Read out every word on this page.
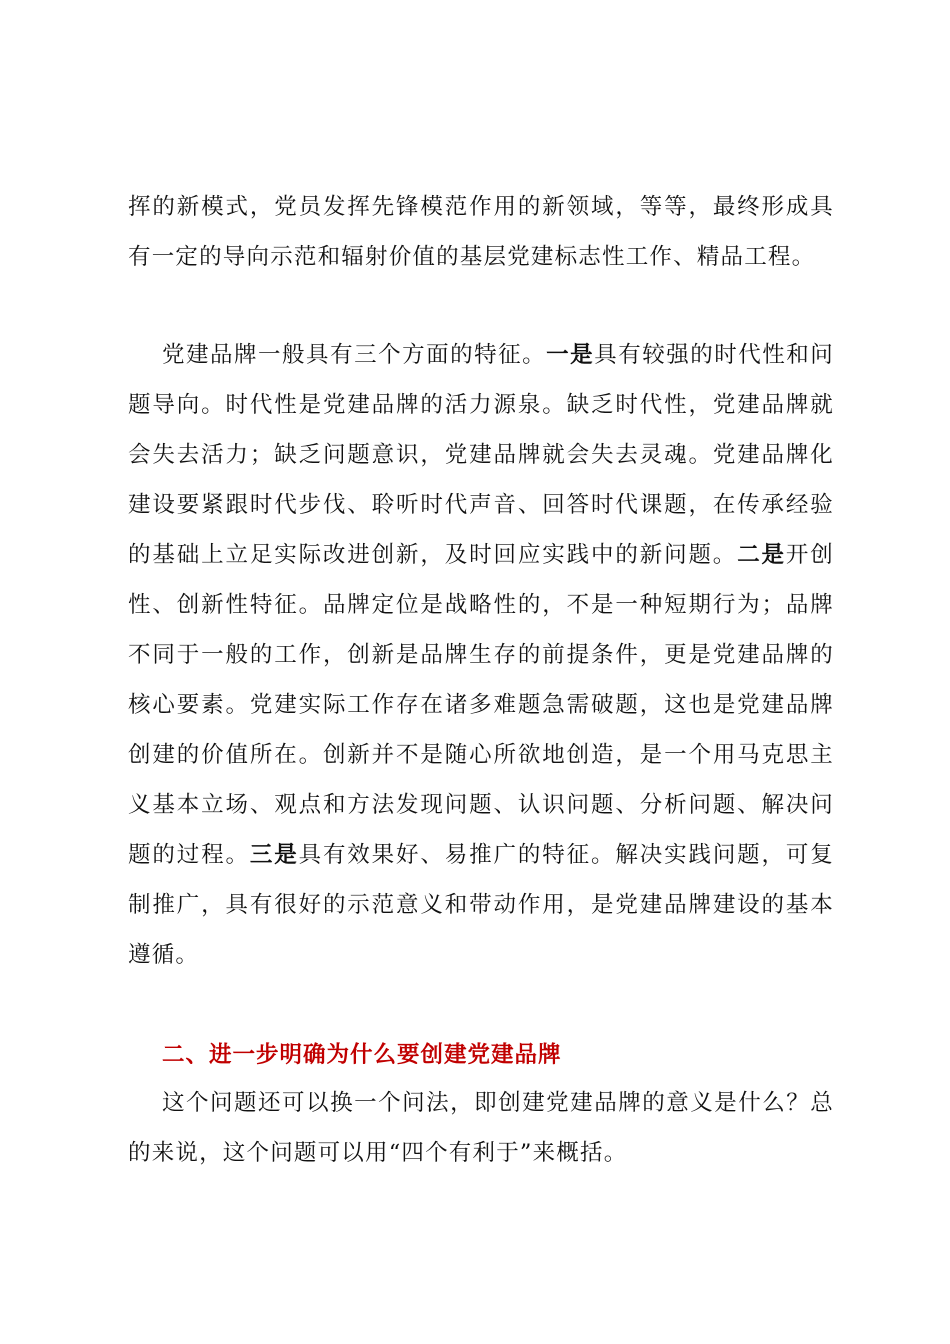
挥的新模式，党员发挥先锋模范作用的新领域，等等，最终形成具有一定的导向示范和辐射价值的基层党建标志性工作、精品工程。

党建品牌一般具有三个方面的特征。一是具有较强的时代性和问题导向。时代性是党建品牌的活力源泉。缺乏时代性，党建品牌就会失去活力；缺乏问题意识，党建品牌就会失去灵魂。党建品牌化建设要紧跟时代步伐、聆听时代声音、回答时代课题，在传承经验的基础上立足实际改进创新，及时回应实践中的新问题。二是开创性、创新性特征。品牌定位是战略性的，不是一种短期行为；品牌不同于一般的工作，创新是品牌生存的前提条件，更是党建品牌的核心要素。党建实际工作存在诸多难题急需破题，这也是党建品牌创建的价值所在。创新并不是随心所欲地创造，是一个用马克思主义基本立场、观点和方法发现问题、认识问题、分析问题、解决问题的过程。三是具有效果好、易推广的特征。解决实践问题，可复制推广，具有很好的示范意义和带动作用，是党建品牌建设的基本遵循。

二、进一步明确为什么要创建党建品牌

这个问题还可以换一个问法，即创建党建品牌的意义是什么？总的来说，这个问题可以用“四个有利于”来概括。
